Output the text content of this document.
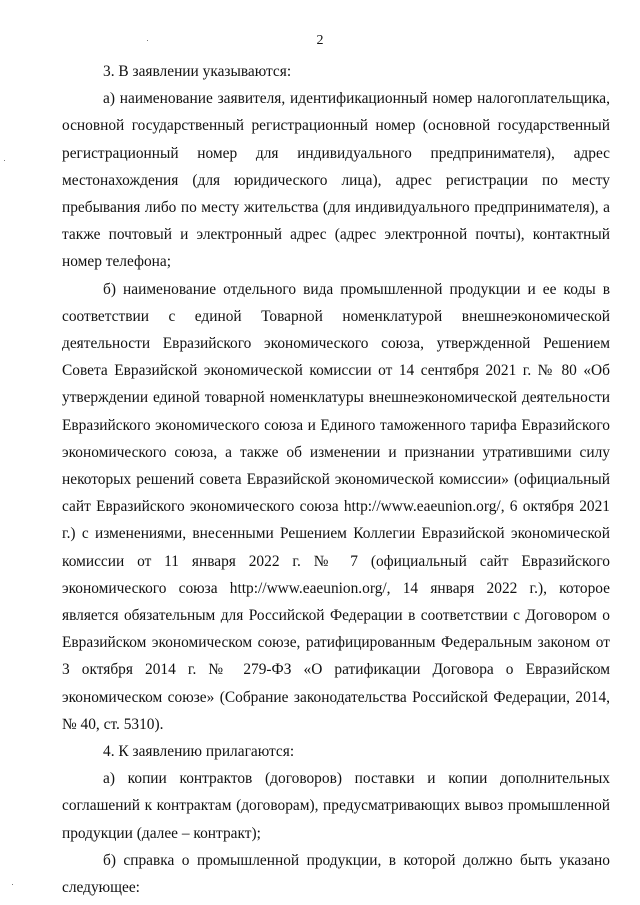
2

3. В заявлении указываются:

а) наименование заявителя, идентификационный номер налогоплательщика, основной государственный регистрационный номер (основной государственный регистрационный номер для индивидуального предпринимателя), адрес местонахождения (для юридического лица), адрес регистрации по месту пребывания либо по месту жительства (для индивидуального предпринимателя), а также почтовый и электронный адрес (адрес электронной почты), контактный номер телефона;

б) наименование отдельного вида промышленной продукции и ее коды в соответствии с единой Товарной номенклатурой внешнеэкономической деятельности Евразийского экономического союза, утвержденной Решением Совета Евразийской экономической комиссии от 14 сентября 2021 г. № 80 «Об утверждении единой товарной номенклатуры внешнеэкономической деятельности Евразийского экономического союза и Единого таможенного тарифа Евразийского экономического союза, а также об изменении и признании утратившими силу некоторых решений совета Евразийской экономической комиссии» (официальный сайт Евразийского экономического союза http://www.eaeunion.org/, 6 октября 2021 г.) с изменениями, внесенными Решением Коллегии Евразийской экономической комиссии от 11 января 2022 г. № 7 (официальный сайт Евразийского экономического союза http://www.eaeunion.org/, 14 января 2022 г.), которое является обязательным для Российской Федерации в соответствии с Договором о Евразийском экономическом союзе, ратифицированным Федеральным законом от 3 октября 2014 г. № 279-ФЗ «О ратификации Договора о Евразийском экономическом союзе» (Собрание законодательства Российской Федерации, 2014, № 40, ст. 5310).

4. К заявлению прилагаются:

а) копии контрактов (договоров) поставки и копии дополнительных соглашений к контрактам (договорам), предусматривающих вывоз промышленной продукции (далее – контракт);

б) справка о промышленной продукции, в которой должно быть указано следующее:
